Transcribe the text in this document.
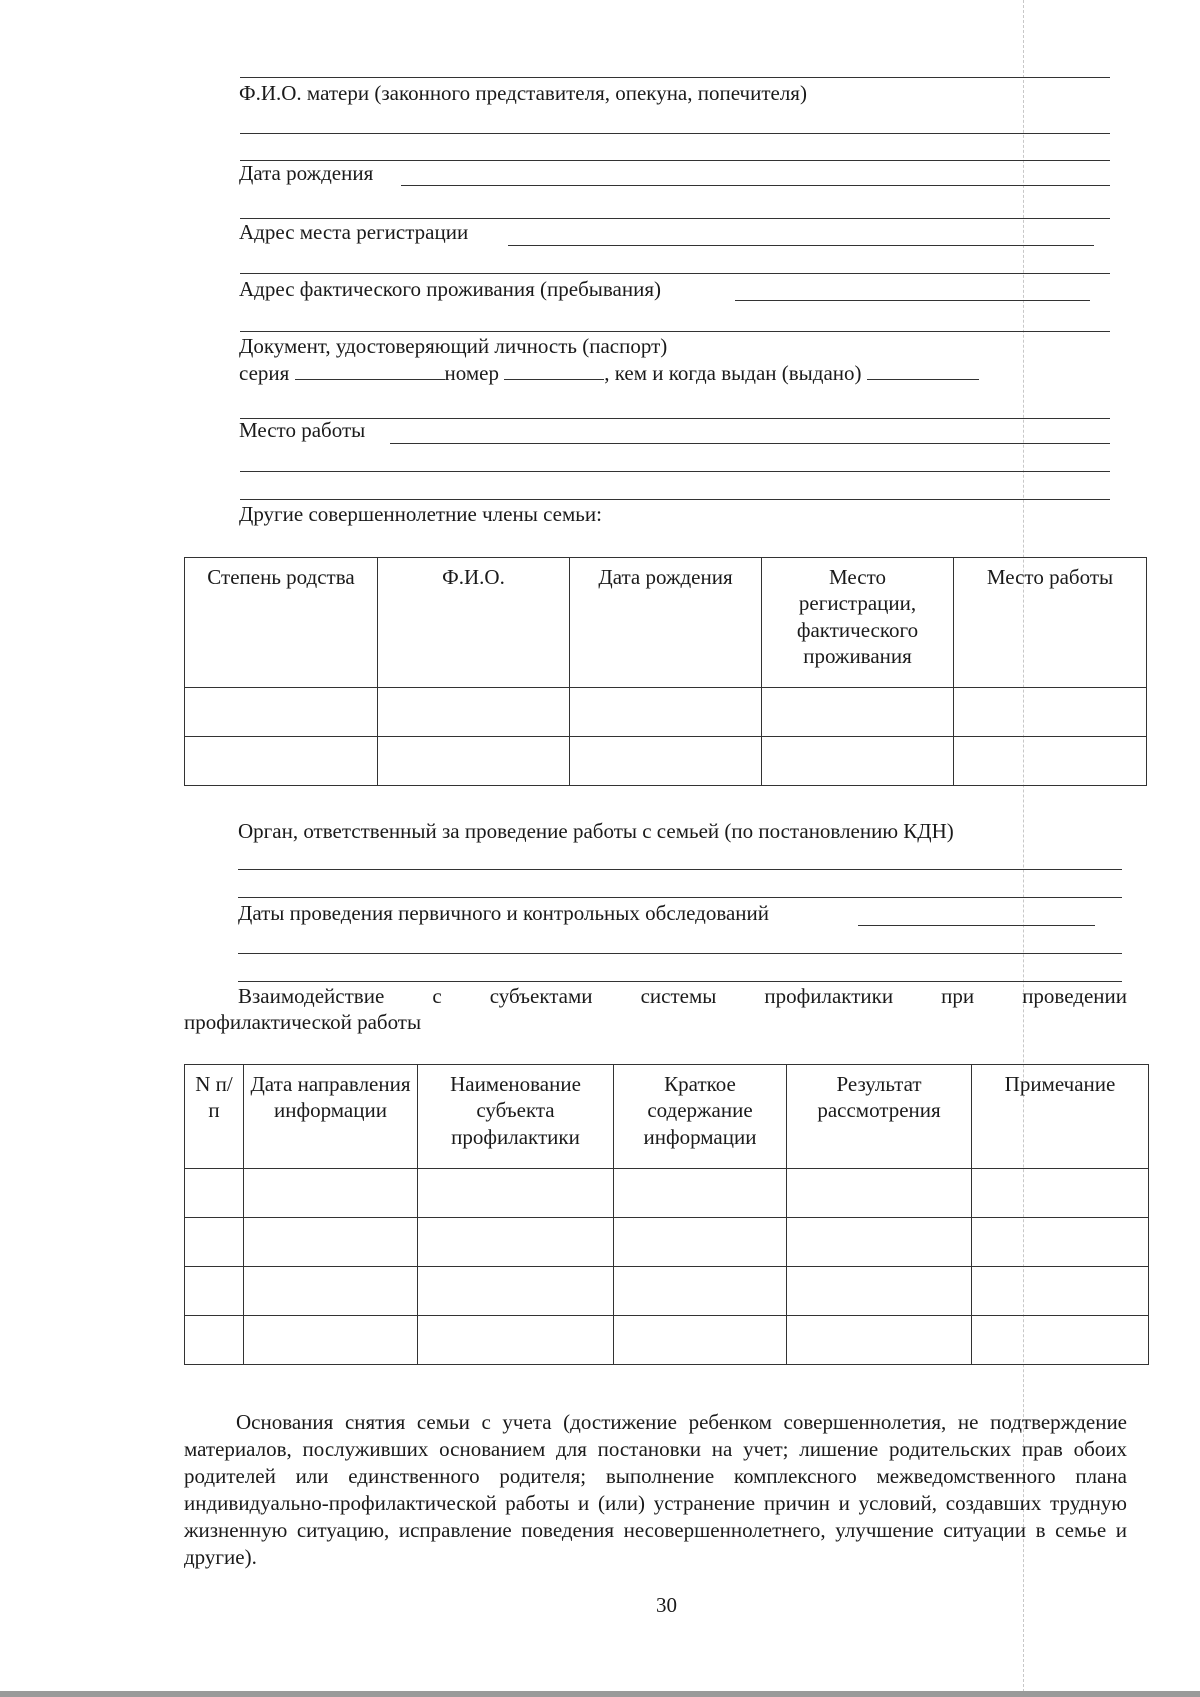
Ф.И.О. матери (законного представителя, опекуна, попечителя)
Дата рождения
Адрес места регистрации
Адрес фактического проживания (пребывания)
Документ, удостоверяющий личность (паспорт)
серия	номер	, кем и когда выдан (выдано)
Место работы
Другие совершеннолетние члены семьи:
Степень родства	Ф.И.О.	Дата рождения	Место регистрации, фактического проживания	Место работы

Орган, ответственный за проведение работы с семьей (по постановлению КДН)
Даты проведения первичного и контрольных обследований
Взаимодействие с субъектами системы профилактики при проведении
профилактической работы
N п/п	Дата направления информации	Наименование субъекта профилактики	Краткое содержание информации	Результат рассмотрения	Примечание

Основания снятия семьи с учета (достижение ребенком совершеннолетия, не подтверждение материалов, послуживших основанием для постановки на учет; лишение родительских прав обоих родителей или единственного родителя; выполнение комплексного межведомственного плана индивидуально-профилактической работы и (или) устранение причин и условий, создавших трудную жизненную ситуацию, исправление поведения несовершеннолетнего, улучшение ситуации в семье и другие).
30
